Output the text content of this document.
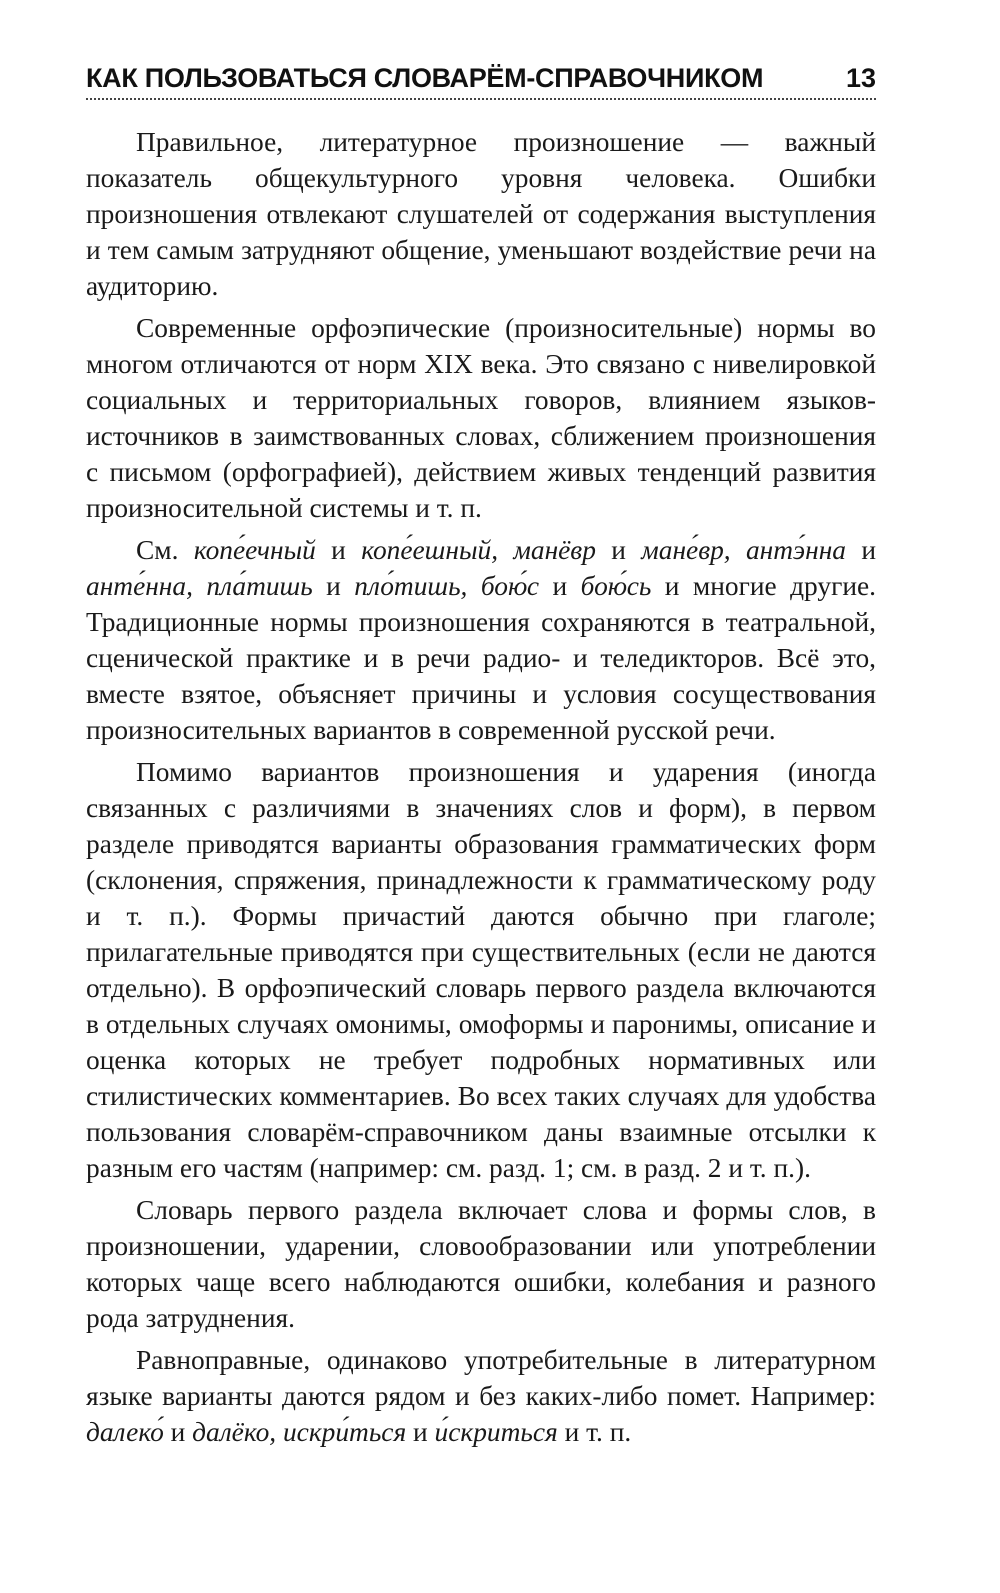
КАК ПОЛЬЗОВАТЬСЯ СЛОВАРЁМ-СПРАВОЧНИКОМ	13

Правильное, литературное произношение — важный показатель общекультурного уровня человека. Ошибки произношения отвлекают слушателей от содержания выступления и тем самым затрудняют общение, уменьшают воздействие речи на аудиторию.

Современные орфоэпические (произносительные) нормы во многом отличаются от норм XIX века. Это связано с нивелировкой социальных и территориальных говоров, влиянием языков-источников в заимствованных словах, сближением произношения с письмом (орфографией), действием живых тенденций развития произносительной системы и т. п.

См. копе́ечный и копе́ешный, манёвр и мане́вр, антэ́нна и анте́нна, пла́тишь и пло́тишь, бою́с и бою́сь и многие другие. Традиционные нормы произношения сохраняются в театральной, сценической практике и в речи радио- и теледикторов. Всё это, вместе взятое, объясняет причины и условия сосуществования произносительных вариантов в современной русской речи.

Помимо вариантов произношения и ударения (иногда связанных с различиями в значениях слов и форм), в первом разделе приводятся варианты образования грамматических форм (склонения, спряжения, принадлежности к грамматическому роду и т. п.). Формы причастий даются обычно при глаголе; прилагательные приводятся при существительных (если не даются отдельно). В орфоэпический словарь первого раздела включаются в отдельных случаях омонимы, омоформы и паронимы, описание и оценка которых не требует подробных нормативных или стилистических комментариев. Во всех таких случаях для удобства пользования словарём-справочником даны взаимные отсылки к разным его частям (например: см. разд. 1; см. в разд. 2 и т. п.).

Словарь первого раздела включает слова и формы слов, в произношении, ударении, словообразовании или употреблении которых чаще всего наблюдаются ошибки, колебания и разного рода затруднения.

Равноправные, одинаково употребительные в литературном языке варианты даются рядом и без каких-либо помет. Например: далеко́ и далёко, искри́ться и и́скриться и т. п.
